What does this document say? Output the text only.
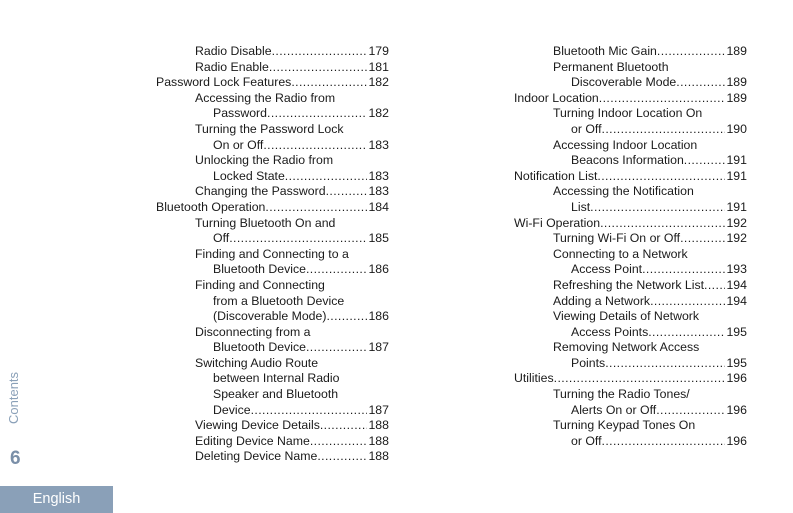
Radio Disable .....	179
Radio Enable .....	181
Password Lock Features .....	182
Accessing the Radio from
Password .....	182
Turning the Password Lock
On or Off .....	183
Unlocking the Radio from
Locked State .....	183
Changing the Password .....	183
Bluetooth Operation .....	184
Turning Bluetooth On and
Off .....	185
Finding and Connecting to a
Bluetooth Device .....	186
Finding and Connecting
from a Bluetooth Device
(Discoverable Mode) .....	186
Disconnecting from a
Bluetooth Device .....	187
Switching Audio Route
between Internal Radio
Speaker and Bluetooth
Device .....	187
Viewing Device Details .....	188
Editing Device Name .....	188
Deleting Device Name .....	188
Bluetooth Mic Gain .....	189
Permanent Bluetooth
Discoverable Mode .....	189
Indoor Location .....	189
Turning Indoor Location On
or Off .....	190
Accessing Indoor Location
Beacons Information .....	191
Notification List .....	191
Accessing the Notification
List .....	191
Wi-Fi Operation .....	192
Turning Wi-Fi On or Off .....	192
Connecting to a Network
Access Point .....	193
Refreshing the Network List ..... 194
Adding a Network .....	194
Viewing Details of Network
Access Points .....	195
Removing Network Access
Points .....	195
Utilities .....	196
Turning the Radio Tones/
Alerts On or Off .....	196
Turning Keypad Tones On
or Off .....	196
Contents
6
English
